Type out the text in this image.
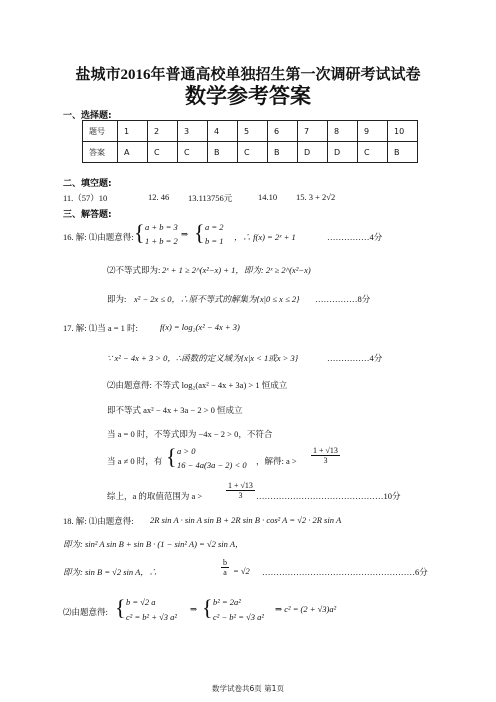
盐城市2016年普通高校单独招生第一次调研考试试卷
数学参考答案
一、选择题:
题号	1	2	3	4	5	6	7	8	9	10
答案	A	C	C	B	C	B	D	D	C	B
二、填空题:
11.（57）10	12. 46 13.113756元	14.10 15. 3 + 2√2
三、解答题:
16. 解: ⑴由题意得: { a + b = 3
1 + b = 2
⇒ { a = 2
b = 1 ，∴ f(x) = 2ˣ + 1	……………4分
⑵不等式即为: 2ˣ + 1 ≥ 2^(x²−x) + 1，即为: 2ˣ ≥ 2^(x²−x)
即为: x² − 2x ≤ 0，∴原不等式的解集为{x|0 ≤ x ≤ 2} ……………8分
17. 解: ⑴当 a = 1 时:	f(x) = log₂(x² − 4x + 3)
∵ x² − 4x + 3 > 0，∴函数的定义域为{x|x < 1或x > 3}	……………4分
⑵由题意得: 不等式 log₂(ax² − 4x + 3a) > 1 恒成立
即不等式 ax² − 4x + 3a − 2 > 0 恒成立
当 a = 0 时，不等式即为 −4x − 2 > 0，不符合
当 a ≠ 0 时，有 { a > 0
16 − 4a(3a − 2) < 0 ，解得: $a > \frac{1 + √13}{3}$
综上，a 的取值范围为 a >	$\frac{1 + √13}{3}$ ………………………………………10分
18. 解: ⑴由题意得: 2R sin A · sin A sin B + 2R sin B · cos² A = √2 · 2R sin A
即为: sin² A sin B + sin B · (1 − sin² A) = √2 sin A，
即为: sin B = √2 sin A，∴	$\frac{b}{a} = √2$ ………………………………………………6分
⑵由题意得: { b = √2 a
c² = b² + √3 a²
⇒ { b² = 2a²
c² − b² = √3 a²
⇒ c² = (2 + √3)a²
数学试卷共6页 第1页
